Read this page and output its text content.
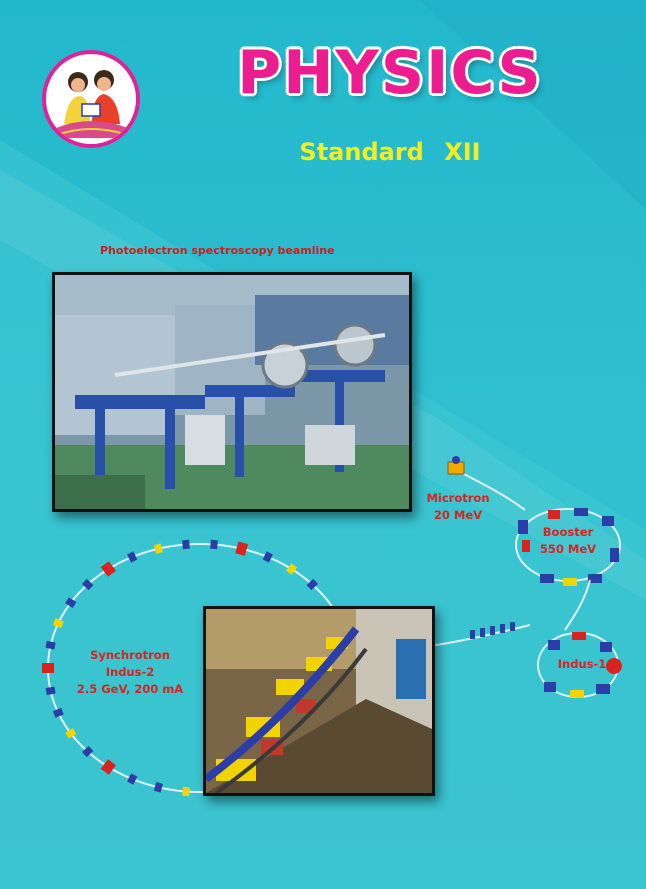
PHYSICS
Standard XII
Photoelectron spectroscopy beamline
Microtron
20 MeV
Booster
550 MeV
Synchrotron
Indus-2
2.5 GeV, 200 mA
Indus-1
